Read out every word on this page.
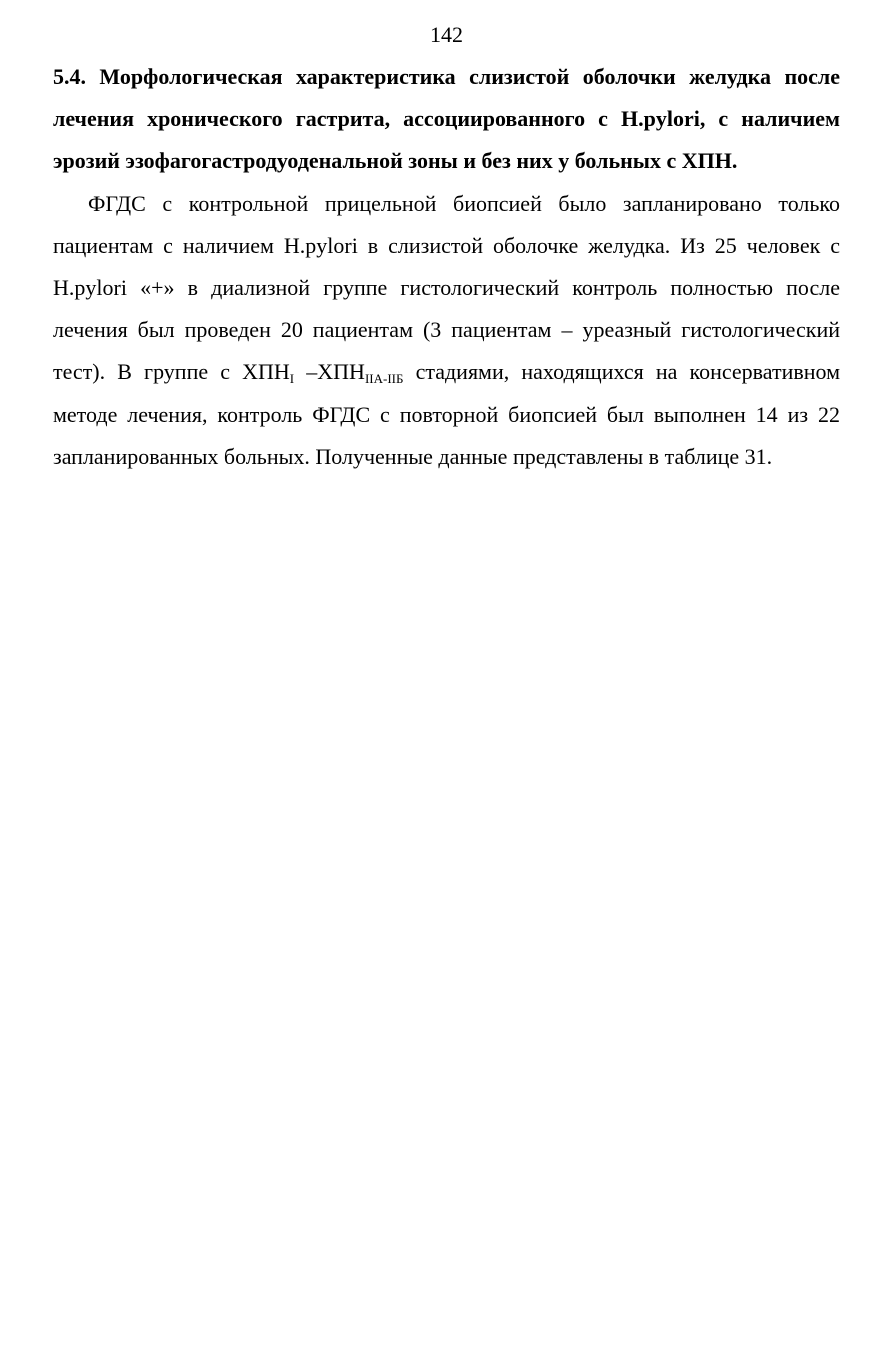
142

5.4. Морфологическая характеристика слизистой оболочки желудка после лечения хронического гастрита, ассоциированного с H.pylori, с наличием эрозий эзофагогастродуоденальной зоны и без них у больных с ХПН.

ФГДС с контрольной прицельной биопсией было запланировано только пациентам с наличием H.pylori в слизистой оболочке желудка. Из 25 человек с H.pylori «+» в диализной группе гистологический контроль полностью после лечения был проведен 20 пациентам (3 пациентам – уреазный гистологический тест). В группе с $ХПН_I$ $-ХПН_{IIА-IIБ}$ стадиями, находящихся на консервативном методе лечения, контроль ФГДС с повторной биопсией был выполнен 14 из 22 запланированных больных. Полученные данные представлены в таблице 31.
